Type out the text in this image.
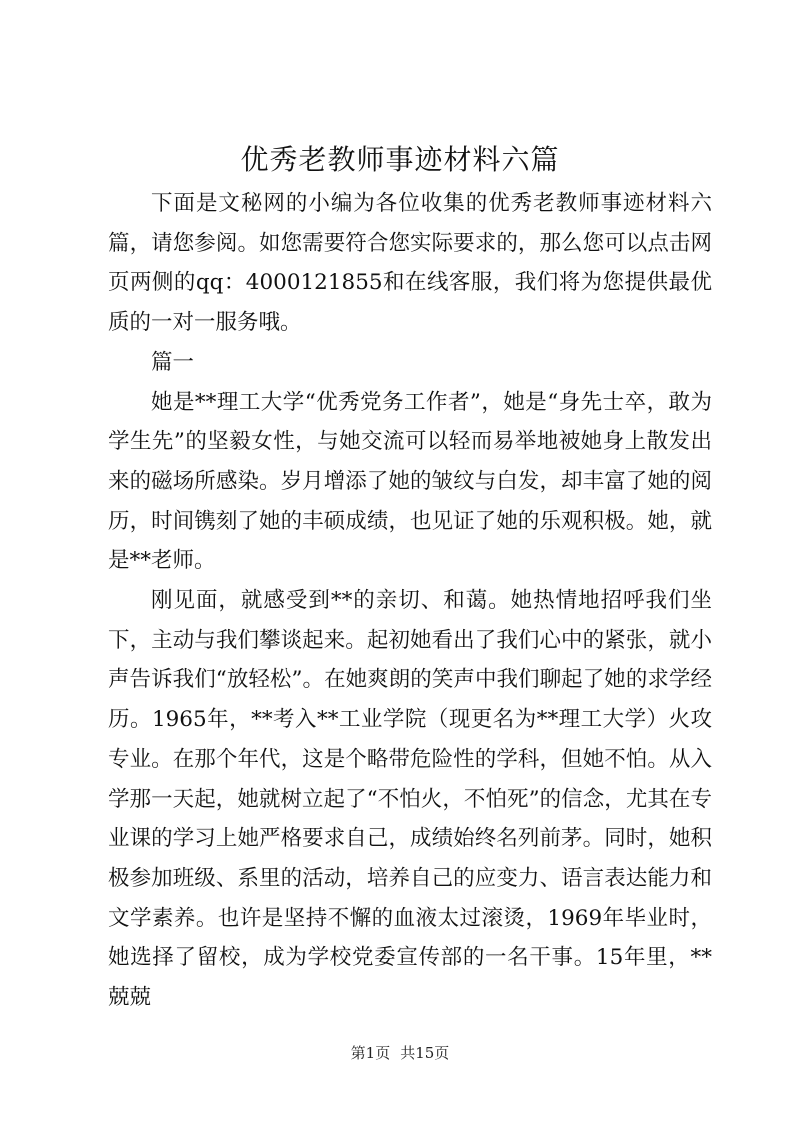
优秀老教师事迹材料六篇

下面是文秘网的小编为各位收集的优秀老教师事迹材料六篇，请您参阅。如您需要符合您实际要求的，那么您可以点击网页两侧的qq：4000121855和在线客服，我们将为您提供最优质的一对一服务哦。

篇一

她是**理工大学“优秀党务工作者”，她是“身先士卒，敢为学生先”的坚毅女性，与她交流可以轻而易举地被她身上散发出来的磁场所感染。岁月增添了她的皱纹与白发，却丰富了她的阅历，时间镌刻了她的丰硕成绩，也见证了她的乐观积极。她，就是**老师。

刚见面，就感受到**的亲切、和蔼。她热情地招呼我们坐下，主动与我们攀谈起来。起初她看出了我们心中的紧张，就小声告诉我们“放轻松”。在她爽朗的笑声中我们聊起了她的求学经历。1965年，**考入**工业学院（现更名为**理工大学）火攻专业。在那个年代，这是个略带危险性的学科，但她不怕。从入学那一天起，她就树立起了“不怕火，不怕死”的信念，尤其在专业课的学习上她严格要求自己，成绩始终名列前茅。同时，她积极参加班级、系里的活动，培养自己的应变力、语言表达能力和文学素养。也许是坚持不懈的血液太过滚烫，1969年毕业时，她选择了留校，成为学校党委宣传部的一名干事。15年里，**兢兢

第1页 共15页
